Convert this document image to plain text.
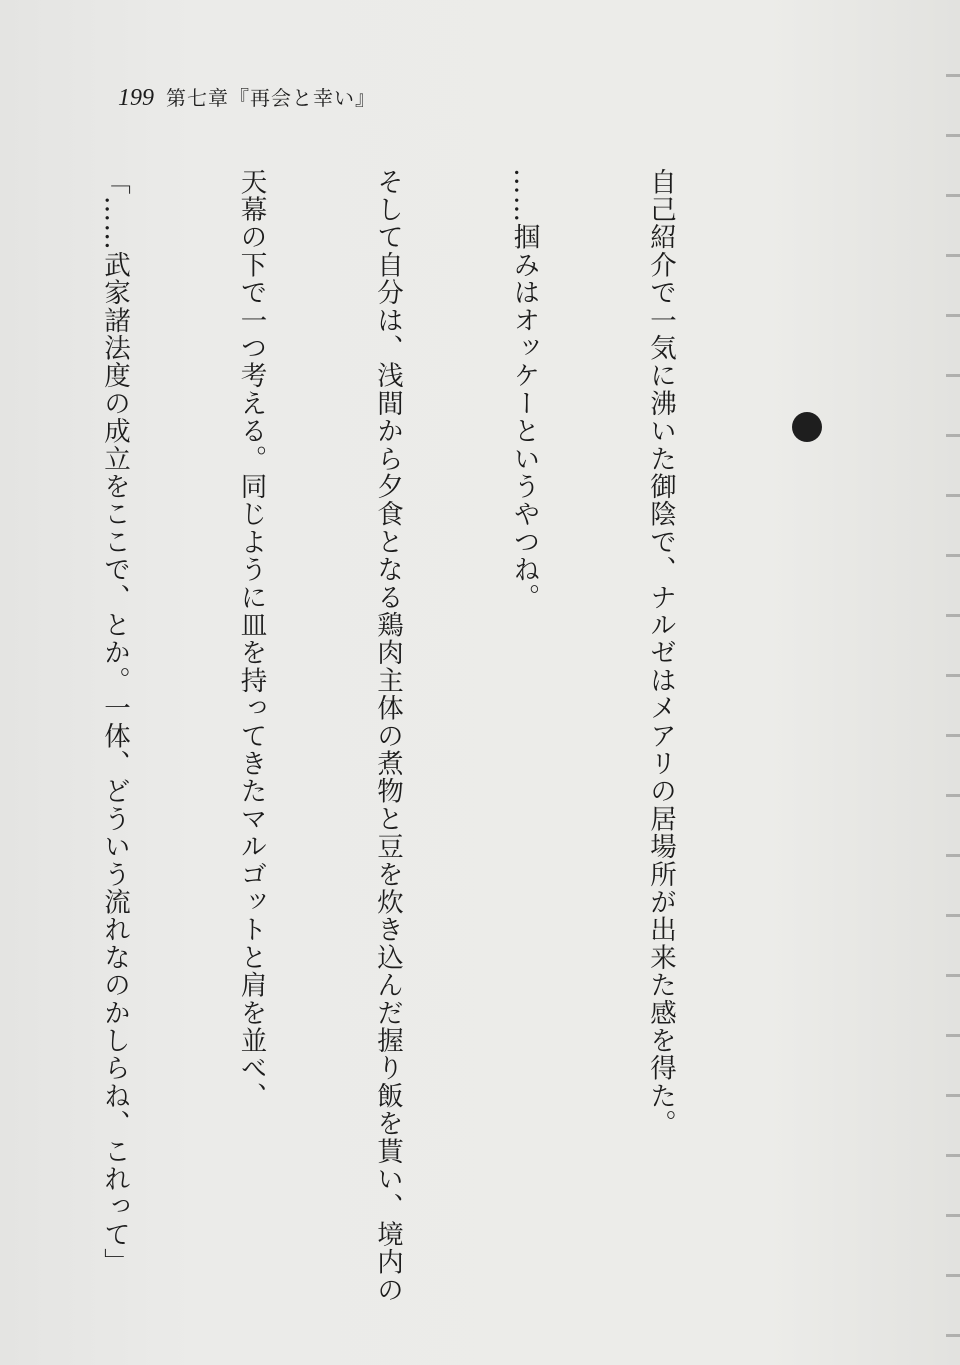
199 第七章『再会と幸い』

自己紹介で一気に沸いた御陰で、ナルゼはメアリの居場所が出来た感を得た。

……掴みはオッケーというやつね。

そして自分は、浅間から夕食となる鶏肉主体の煮物と豆を炊き込んだ握り飯を貰い、境内の

天幕の下で一つ考える。同じように皿を持ってきたマルゴットと肩を並べ、

「……武家諸法度の成立をここで、とか。一体、どういう流れなのかしらね、これって」
